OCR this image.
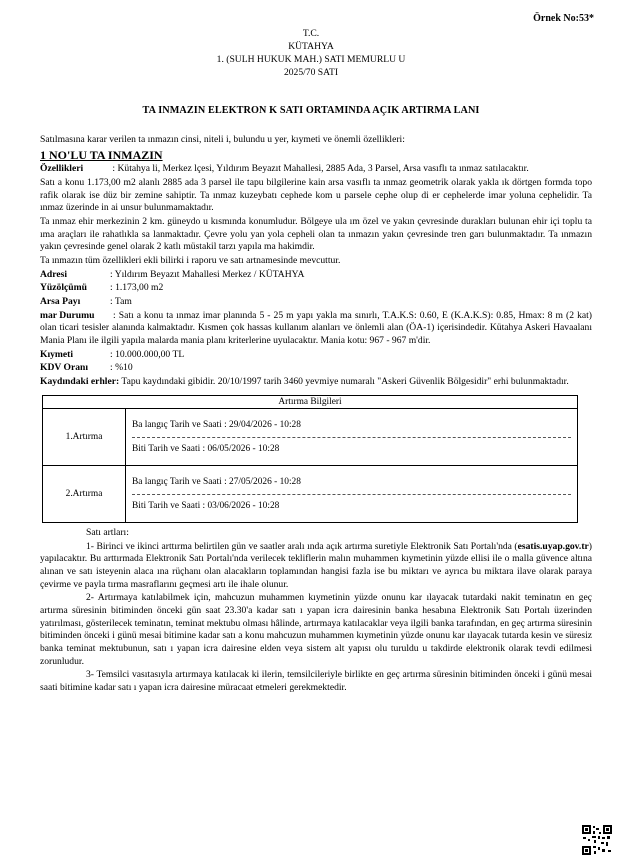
Örnek No:53*
T.C.
KÜTAHYA
1. (SULH HUKUK MAH.) SATI MEMURLU U
2025/70 SATI
TA INMAZIN ELEKTRON K SATI ORTAMINDA AÇIK ARTIRMA LANI

Satılmasına karar verilen ta ınmazın cinsi, niteli i, bulundu u yer, kıymeti ve önemli özellikleri:

1 NO'LU TA INMAZIN

Özellikleri	: Kütahya li, Merkez lçesi, Yıldırım Beyazıt Mahallesi, 2885 Ada, 3 Parsel, Arsa vasıflı ta ınmaz satılacaktır.

Satı a konu 1.173,00 m2 alanlı 2885 ada 3 parsel ile tapu bilgilerine kain arsa vasıflı ta ınmaz geometrik olarak yakla ık dörtgen formda topo rafik olarak ise düz bir zemine sahiptir. Ta ınmaz kuzeybatı cephede kom u parsele cephe olup di er cephelerde imar yoluna cephelidir. Ta ınmaz üzerinde in ai unsur bulunmamaktadır.

Ta ınmaz ehir merkezinin 2 km. güneydo u kısmında konumludur. Bölgeye ula ım özel ve yakın çevresinde durakları bulunan ehir içi toplu ta ıma araçları ile rahatlıkla sa lanmaktadır. Çevre yolu yan yola cepheli olan ta ınmazın yakın çevresinde tren garı bulunmaktadır. Ta ınmazın yakın çevresinde genel olarak 2 katlı müstakil tarzı yapıla ma hakimdir.

Ta ınmazın tüm özellikleri ekli bilirki i raporu ve satı artnamesinde mevcuttur.

Adresi	: Yıldırım Beyazıt Mahallesi Merkez / KÜTAHYA

Yüzölçümü : 1.173,00 m2

Arsa Payı	: Tam

mar Durumu : Satı a konu ta ınmaz imar planında 5 - 25 m yapı yakla ma sınırlı, T.A.K.S: 0.60, E (K.A.K.S): 0.85, Hmax: 8 m (2 kat) olan ticari tesisler alanında kalmaktadır. Kısmen çok hassas kullanım alanları ve önlemli alan (ÖA-1) içerisindedir. Kütahya Askeri Havaalanı Mania Planı ile ilgili yapıla malarda mania planı kriterlerine uyulacaktır. Mania kotu: 967 - 967 m'dir.

Kıymeti	: 10.000.000,00 TL

KDV Oranı : %10

Kaydındaki erhler: Tapu kaydındaki gibidir. 20/10/1997 tarih 3460 yevmiye numaralı "Askeri Güvenlik Bölgesidir" erhi bulunmaktadır.

Artırma Bilgileri	
1.Artırma	Ba langıç Tarih ve Saati : 29/04/2026 - 10:28
Biti Tarih ve Saati : 06/05/2026 - 10:28

2.Artırma	Ba langıç Tarih ve Saati : 27/05/2026 - 10:28
Biti Tarih ve Saati : 03/06/2026 - 10:28

Satı artları:

1- Birinci ve ikinci arttırma belirtilen gün ve saatler aralı ında açık artırma suretiyle Elektronik Satı Portalı'nda (esatis.uyap.gov.tr) yapılacaktır. Bu arttırmada Elektronik Satı Portalı'nda verilecek tekliflerin malın muhammen kıymetinin yüzde ellisi ile o malla güvence altına alınan ve satı isteyenin alaca ına rüçhanı olan alacakların toplamından hangisi fazla ise bu miktarı ve ayrıca bu miktara ilave olarak paraya çevirme ve payla tırma masraflarını geçmesi artı ile ihale olunur.

2- Artırmaya katılabilmek için, mahcuzun muhammen kıymetinin yüzde onunu kar ılayacak tutardaki nakit teminatın en geç artırma süresinin bitiminden önceki gün saat 23.30'a kadar satı ı yapan icra dairesinin banka hesabına Elektronik Satı Portalı üzerinden yatırılması, gösterilecek teminatın, teminat mektubu olması hâlinde, artırmaya katılacaklar veya ilgili banka tarafından, en geç artırma süresinin bitiminden önceki i günü mesai bitimine kadar satı a konu mahcuzun muhammen kıymetinin yüzde onunu kar ılayacak tutarda kesin ve süresiz banka teminat mektubunun, satı ı yapan icra dairesine elden veya sistem alt yapısı olu turuldu u takdirde elektronik olarak tevdi edilmesi zorunludur.

3- Temsilci vasıtasıyla artırmaya katılacak ki ilerin, temsilcileriyle birlikte en geç artırma süresinin bitiminden önceki i günü mesai saati bitimine kadar satı ı yapan icra dairesine müracaat etmeleri gerekmektedir.
